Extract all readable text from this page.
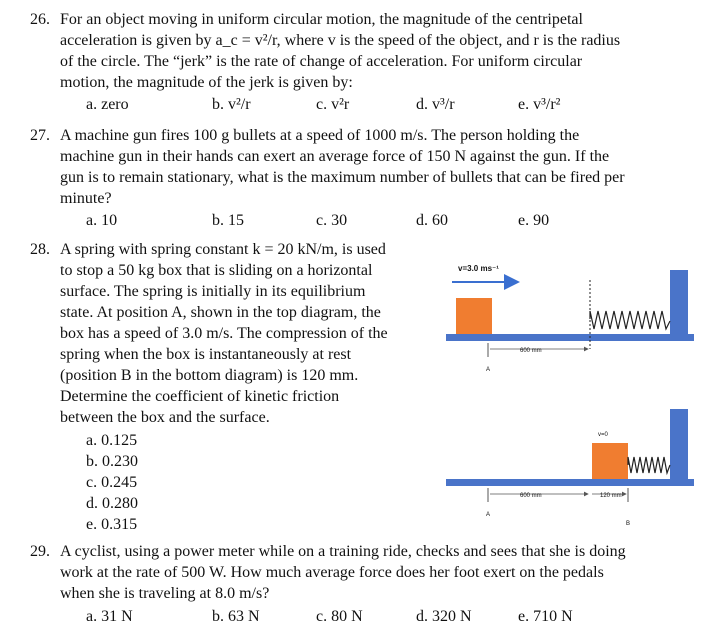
26. For an object moving in uniform circular motion, the magnitude of the centripetal
acceleration is given by a_c = v²/r, where v is the speed of the object, and r is the radius
of the circle. The “jerk” is the rate of change of acceleration. For uniform circular
motion, the magnitude of the jerk is given by:
a. zero	b. v²/r	c. v²r	d. v³/r	e. v³/r²
27. A machine gun fires 100 g bullets at a speed of 1000 m/s. The person holding the
machine gun in their hands can exert an average force of 150 N against the gun. If the
gun is to remain stationary, what is the maximum number of bullets that can be fired per
minute?
a. 10	b. 15	c. 30	d. 60	e. 90
28. A spring with spring constant k = 20 kN/m, is used
to stop a 50 kg box that is sliding on a horizontal
surface. The spring is initially in its equilibrium
state. At position A, shown in the top diagram, the
box has a speed of 3.0 m/s. The compression of the
spring when the box is instantaneously at rest
(position B in the bottom diagram) is 120 mm.
Determine the coefficient of kinetic friction
between the box and the surface.
a. 0.125
b. 0.230
c. 0.245
d. 0.280
e. 0.315
v=3.0 ms⁻¹
600 mm
A
v=0
600 mm	120 mm
A
B
29. A cyclist, using a power meter while on a training ride, checks and sees that she is doing
work at the rate of 500 W. How much average force does her foot exert on the pedals
when she is traveling at 8.0 m/s?
a. 31 N	b. 63 N	c. 80 N	d. 320 N	e. 710 N
